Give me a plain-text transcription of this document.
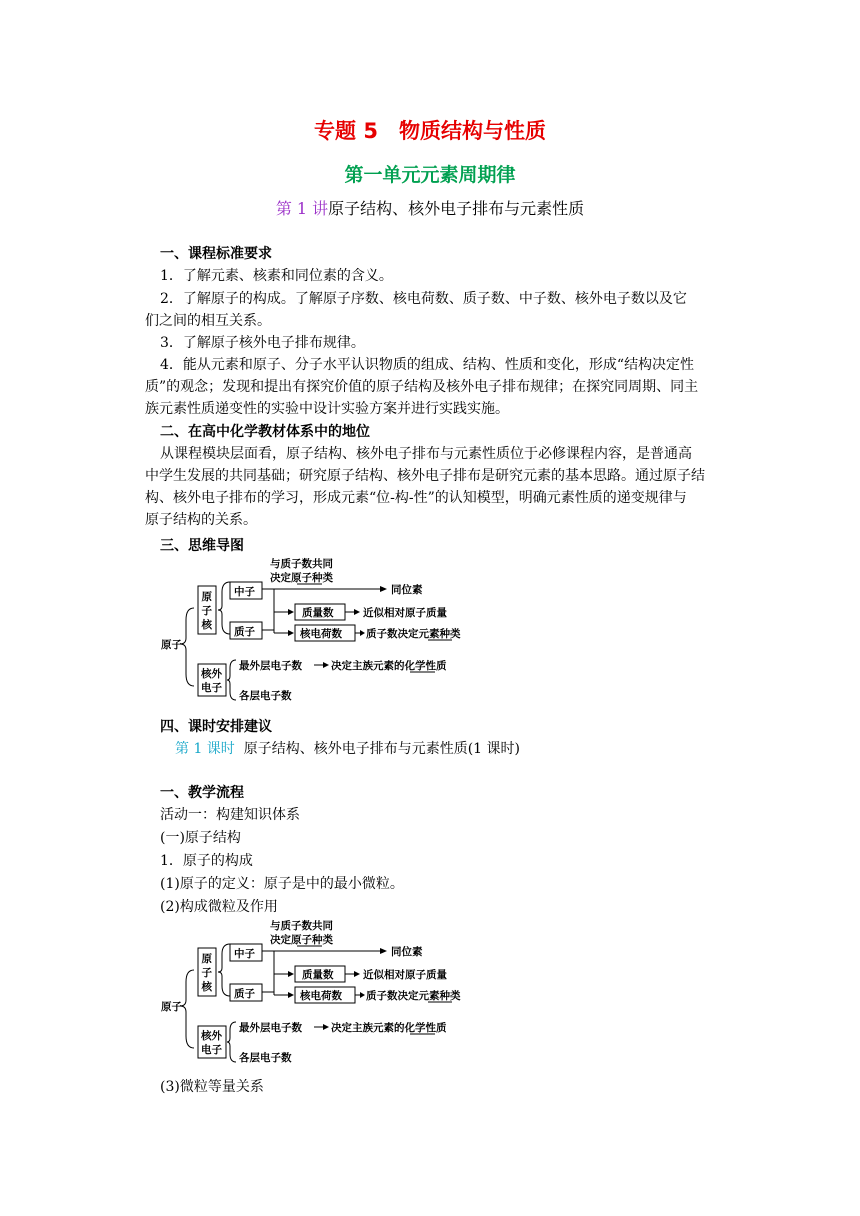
专题 5　物质结构与性质
第一单元元素周期律
第 1 讲原子结构、核外电子排布与元素性质
一、课程标准要求
1．了解元素、核素和同位素的含义。
2．了解原子的构成。了解原子序数、核电荷数、质子数、中子数、核外电子数以及它
们之间的相互关系。
3．了解原子核外电子排布规律。
4．能从元素和原子、分子水平认识物质的组成、结构、性质和变化，形成“结构决定性
质”的观念；发现和提出有探究价值的原子结构及核外电子排布规律；在探究同周期、同主
族元素性质递变性的实验中设计实验方案并进行实践实施。
二、在高中化学教材体系中的地位
从课程模块层面看，原子结构、核外电子排布与元素性质位于必修课程内容，是普通高
中学生发展的共同基础；研究原子结构、核外电子排布是研究元素的基本思路。通过原子结
构、核外电子排布的学习，形成元素“位-构-性”的认知模型，明确元素性质的递变规律与
原子结构的关系。
三、思维导图
与质子数共同
决定原子种类
原子
原
子
核
中子
质子
同位素
质量数	近似相对原子质量
核电荷数 质子数决定元素种类
核外
电子
最外层电子数	决定主族元素的化学性质
各层电子数
四、课时安排建议
第 1 课时 原子结构、核外电子排布与元素性质(1 课时)
一、教学流程
活动一：构建知识体系
(一)原子结构
1．原子的构成
(1)原子的定义：原子是中的最小微粒。
(2)构成微粒及作用
与质子数共同
决定原子种类
原子
原
子
核
中子
质子
同位素
质量数	近似相对原子质量
核电荷数 质子数决定元素种类
核外
电子
最外层电子数	决定主族元素的化学性质
各层电子数
(3)微粒等量关系
